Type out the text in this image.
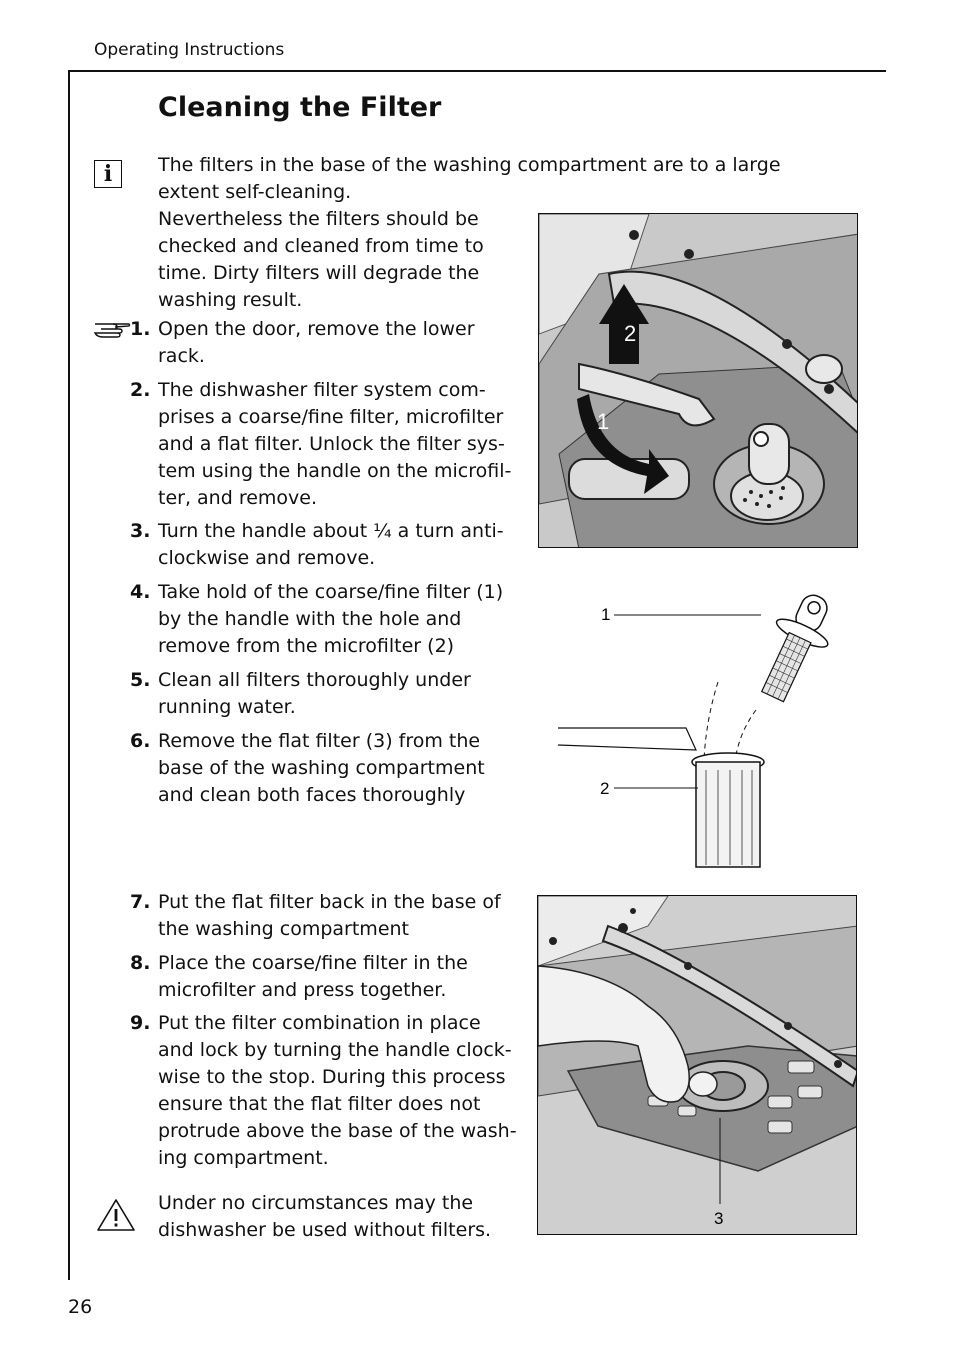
Operating Instructions
26
Cleaning the Filter
i	The filters in the base of the washing compartment are to a large
extent self-cleaning.
Nevertheless the filters should be
checked and cleaned from time to
time. Dirty filters will degrade the
washing result.
1. Open the door, remove the lower
rack.
2. The dishwasher filter system com-
prises a coarse/fine filter, microfilter
and a flat filter. Unlock the filter sys-
tem using the handle on the microfil-
ter, and remove.
3. Turn the handle about ¼ a turn anti-
clockwise and remove.
4. Take hold of the coarse/fine filter (1)
by the handle with the hole and
remove from the microfilter (2)
5. Clean all filters thoroughly under
running water.
6. Remove the flat filter (3) from the
base of the washing compartment
and clean both faces thoroughly
7. Put the flat filter back in the base of
the washing compartment
8. Place the coarse/fine filter in the
microfilter and press together.
9. Put the filter combination in place
and lock by turning the handle clock-
wise to the stop. During this process
ensure that the flat filter does not
protrude above the base of the wash-
ing compartment.
Under no circumstances may the
dishwasher be used without filters.
2
1
1
2
3
